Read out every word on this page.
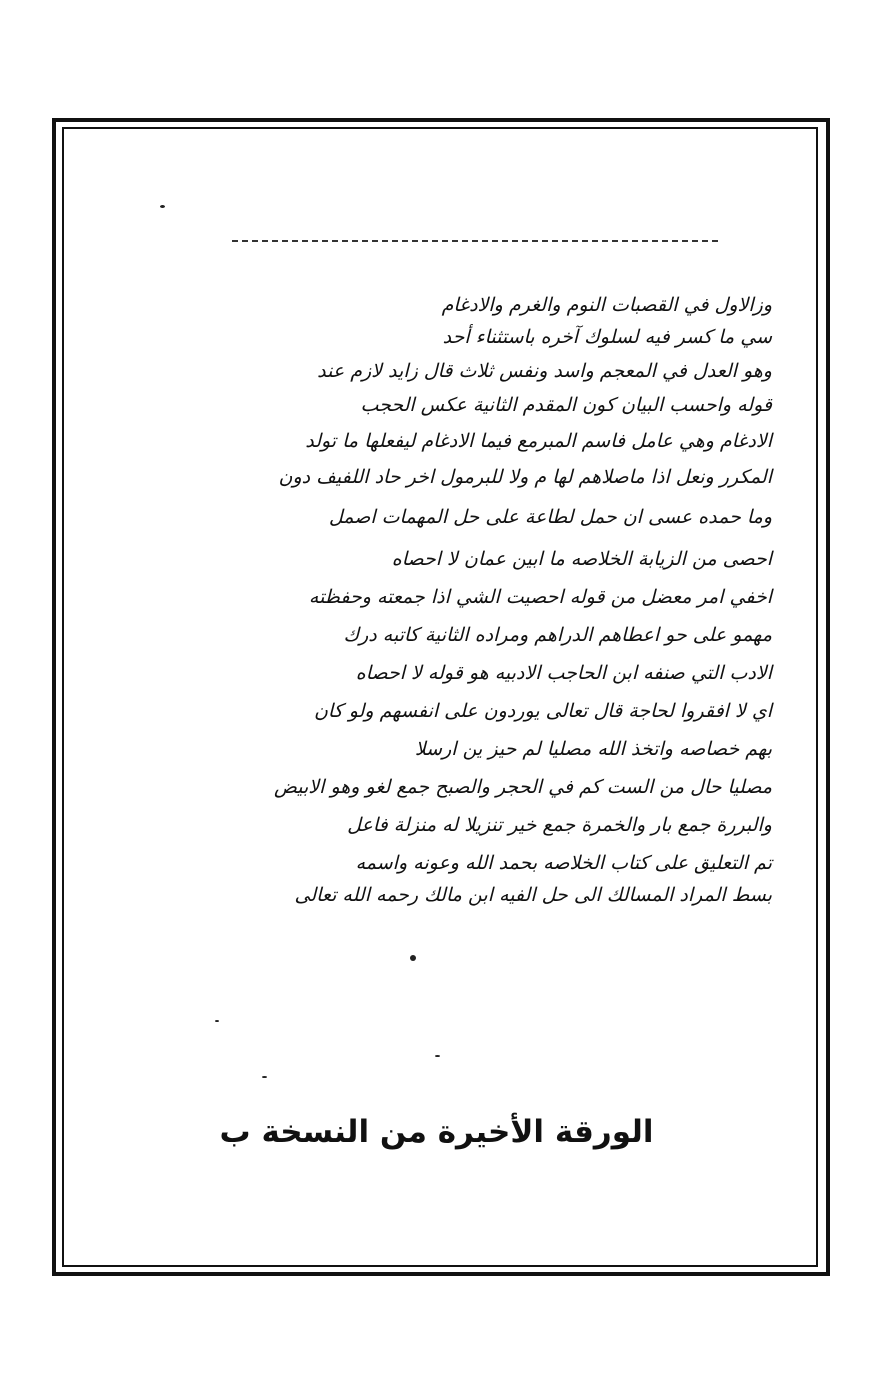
وزالاول في القصبات النوم والغرم والادغام
سي ما كسر فيه لسلوك آخره باستثناء أحد
وهو العدل في المعجم واسد ونفس ثلاث قال زايد لازم عند
قوله واحسب البيان كون المقدم الثانية عكس الحجب
الادغام وهي عامل فاسم المبرمع فيما الادغام ليفعلها ما تولد
المكرر ونعل اذا ماصلاهم لها م ولا للبرمول اخر حاد اللفيف دون
وما حمده عسى ان حمل لطاعة على حل المهمات اصمل
احصى من الزيابة الخلاصه ما ابين عمان لا احصاه
اخفي امر معضل من قوله احصيت الشي اذا جمعته وحفظته
مهمو على حو اعطاهم الدراهم ومراده الثانية كاتبه درك
الادب التي صنفه ابن الحاجب الادبيه هو قوله لا احصاه
اي لا افقروا لحاجة قال تعالى يوردون على انفسهم ولو كان
بهم خصاصه واتخذ الله مصليا لم حيز ين ارسلا
مصليا حال من الست كم في الحجر والصبح جمع لغو وهو الابيض
والبررة جمع بار والخمرة جمع خير تنزيلا له منزلة فاعل
تم التعليق على كتاب الخلاصه بحمد الله وعونه واسمه
بسط المراد المسالك الى حل الفيه ابن مالك رحمه الله تعالى
الورقة الأخيرة من النسخة ب
